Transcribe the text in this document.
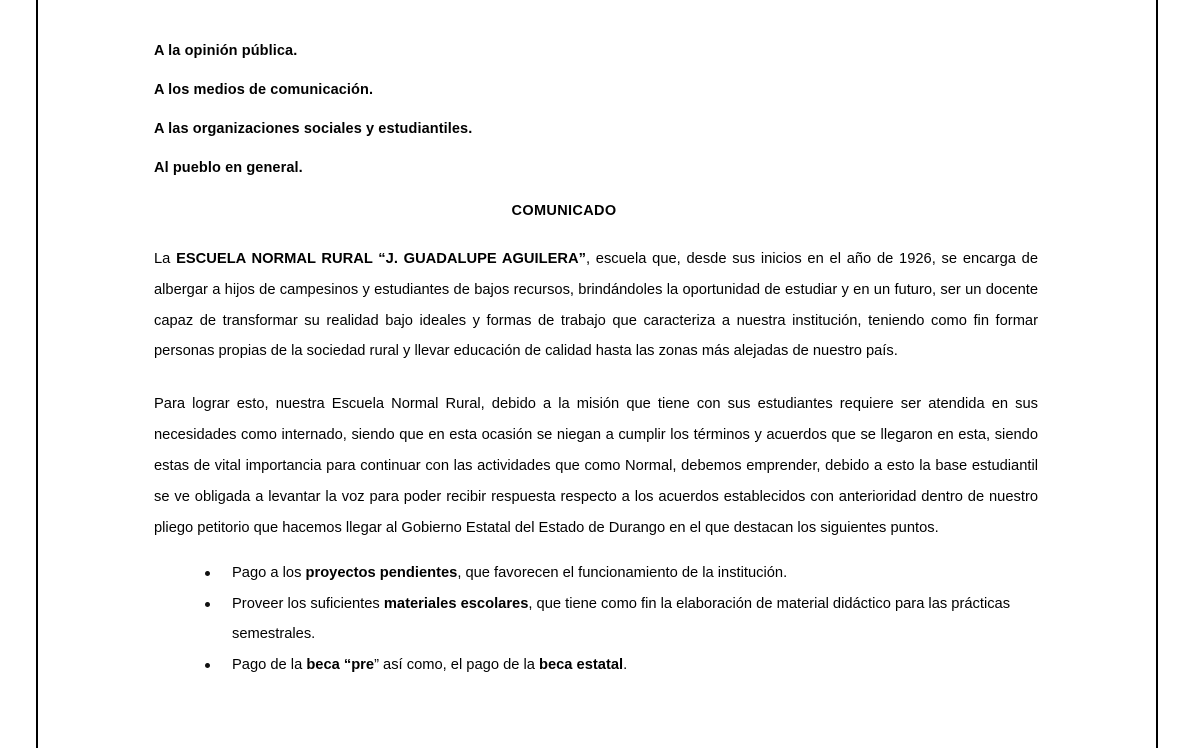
A la opinión pública.

A los medios de comunicación.

A las organizaciones sociales y estudiantiles.

Al pueblo en general.

COMUNICADO

La ESCUELA NORMAL RURAL “J. GUADALUPE AGUILERA”, escuela que, desde sus inicios en el año de 1926, se encarga de albergar a hijos de campesinos y estudiantes de bajos recursos, brindándoles la oportunidad de estudiar y en un futuro, ser un docente capaz de transformar su realidad bajo ideales y formas de trabajo que caracteriza a nuestra institución, teniendo como fin formar personas propias de la sociedad rural y llevar educación de calidad hasta las zonas más alejadas de nuestro país.

Para lograr esto, nuestra Escuela Normal Rural, debido a la misión que tiene con sus estudiantes requiere ser atendida en sus necesidades como internado, siendo que en esta ocasión se niegan a cumplir los términos y acuerdos que se llegaron en esta, siendo estas de vital importancia para continuar con las actividades que como Normal, debemos emprender, debido a esto la base estudiantil se ve obligada a levantar la voz para poder recibir respuesta respecto a los acuerdos establecidos con anterioridad dentro de nuestro pliego petitorio que hacemos llegar al Gobierno Estatal del Estado de Durango en el que destacan los siguientes puntos.

Pago a los proyectos pendientes, que favorecen el funcionamiento de la institución.
Proveer los suficientes materiales escolares, que tiene como fin la elaboración de material didáctico para las prácticas semestrales.
Pago de la beca “pre” así como, el pago de la beca estatal.
